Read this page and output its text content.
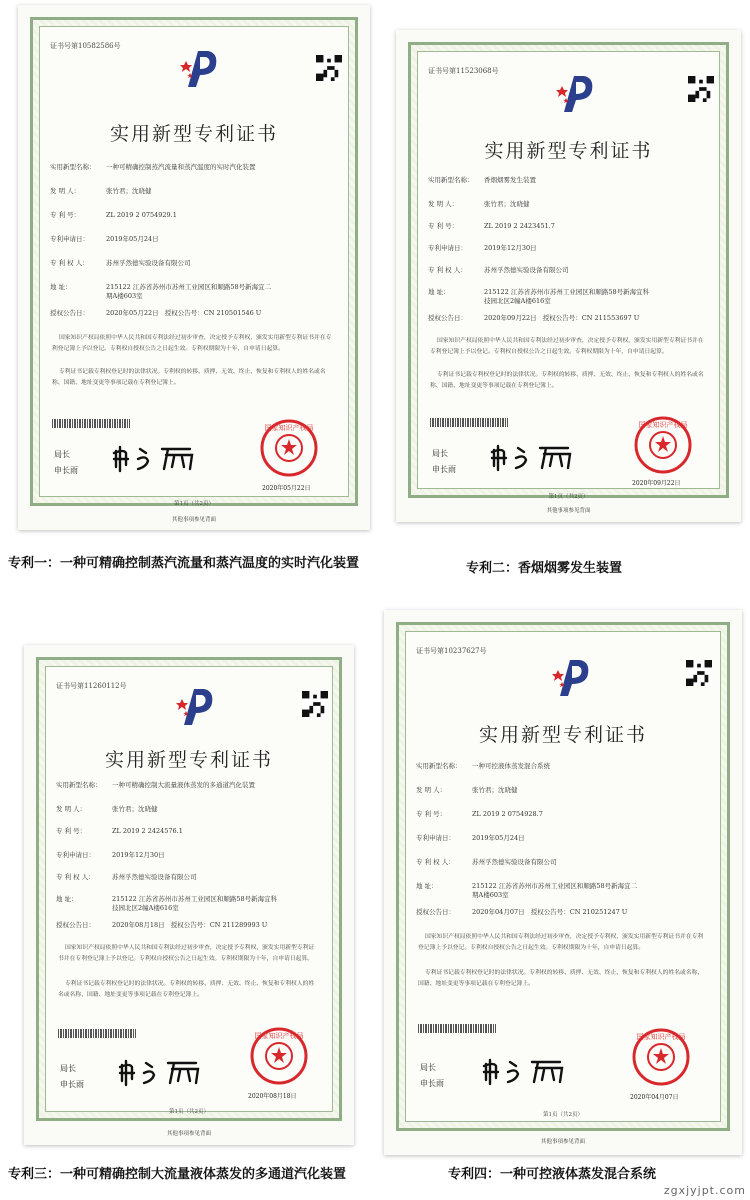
证书号第10582586号
实用新型专利证书
实用新型名称： 一种可精确控制蒸汽流量和蒸汽温度的实时汽化装置
发 明 人：	张竹君；沈晓健
专 利 号：	ZL 2019 2 0754929.1
专利申请日：	2019年05月24日
专 利 权 人：	苏州孚然德实验设备有限公司
地 址：	215122 江苏省苏州市苏州工业园区和顺路58号新海宜二
期A楼603室
授权公告日：	2020年05月22日 授权公告号：CN 210501546 U
国家知识产权局依照中华人民共和国专利法经过初步审查，决定授予专利权，颁发实用新型专利证书并在专利登记簿上予以登记。专利权自授权公告之日起生效。专利权期限为十年，自申请日起算。
专利证书记载专利权登记时的法律状况。专利权的转移、质押、无效、终止、恢复和专利权人的姓名或名称、国籍、地址变更等事项记载在专利登记簿上。
局长
申长雨
国家知识产权局
2020年05月22日
第1页（共2页）
其他事项参见背面
证书号第11523068号
实用新型专利证书
实用新型名称： 香烟烟雾发生装置
发 明 人：	张竹君；沈晓健
专 利 号：	ZL 2019 2 2423451.7
专利申请日：	2019年12月30日
专 利 权 人：	苏州孚然德实验设备有限公司
地 址：	215122 江苏省苏州市苏州工业园区和顺路58号新海宜科
技园北区2幢A楼616室
授权公告日：	2020年09月22日 授权公告号：CN 211553697 U
国家知识产权局依照中华人民共和国专利法经过初步审查，决定授予专利权，颁发实用新型专利证书并在专利登记簿上予以登记。专利权自授权公告之日起生效。专利权期限为十年，自申请日起算。
专利证书记载专利权登记时的法律状况。专利权的转移、质押、无效、终止、恢复和专利权人的姓名或名称、国籍、地址变更等事项记载在专利登记簿上。
局长
申长雨
国家知识产权局
2020年09月22日
第1页（共2页）
其他事项参见背面
专利一：一种可精确控制蒸汽流量和蒸汽温度的实时汽化装置	专利二：香烟烟雾发生装置
证书号第11260112号
实用新型专利证书
实用新型名称： 一种可精确控制大流量液体蒸发的多通道汽化装置
发 明 人：	张竹君；沈晓健
专 利 号：	ZL 2019 2 2424576.1
专利申请日：	2019年12月30日
专 利 权 人：	苏州孚然德实验设备有限公司
地 址：	215122 江苏省苏州市苏州工业园区和顺路58号新海宜科
技园北区2幢A楼616室
授权公告日：	2020年08月18日 授权公告号：CN 211289993 U
国家知识产权局依照中华人民共和国专利法经过初步审查，决定授予专利权，颁发实用新型专利证书并在专利登记簿上予以登记。专利权自授权公告之日起生效。专利权期限为十年，自申请日起算。
专利证书记载专利权登记时的法律状况。专利权的转移、质押、无效、终止、恢复和专利权人的姓名或名称、国籍、地址变更等事项记载在专利登记簿上。
局长
申长雨
国家知识产权局
2020年08月18日
第1页（共2页）
其他事项参见背面
证书号第10237627号
实用新型专利证书
实用新型名称： 一种可控液体蒸发混合系统
发 明 人：	张竹君；沈晓健
专 利 号：	ZL 2019 2 0754928.7
专利申请日：	2019年05月24日
专 利 权 人：	苏州孚然德实验设备有限公司
地 址：	215122 江苏省苏州市苏州工业园区和顺路58号新海宜二
期A楼603室
授权公告日：	2020年04月07日 授权公告号：CN 210251247 U
国家知识产权局依照中华人民共和国专利法经过初步审查，决定授予专利权，颁发实用新型专利证书并在专利登记簿上予以登记。专利权自授权公告之日起生效。专利权期限为十年，自申请日起算。
专利证书记载专利权登记时的法律状况。专利权的转移、质押、无效、终止、恢复和专利权人的姓名或名称、国籍、地址变更等事项记载在专利登记簿上。
局长
申长雨
国家知识产权局
2020年04月07日
第1页（共2页）
其他事项参见背面
专利三：一种可精确控制大流量液体蒸发的多通道汽化装置	专利四：一种可控液体蒸发混合系统
zgxjyjpt.com
